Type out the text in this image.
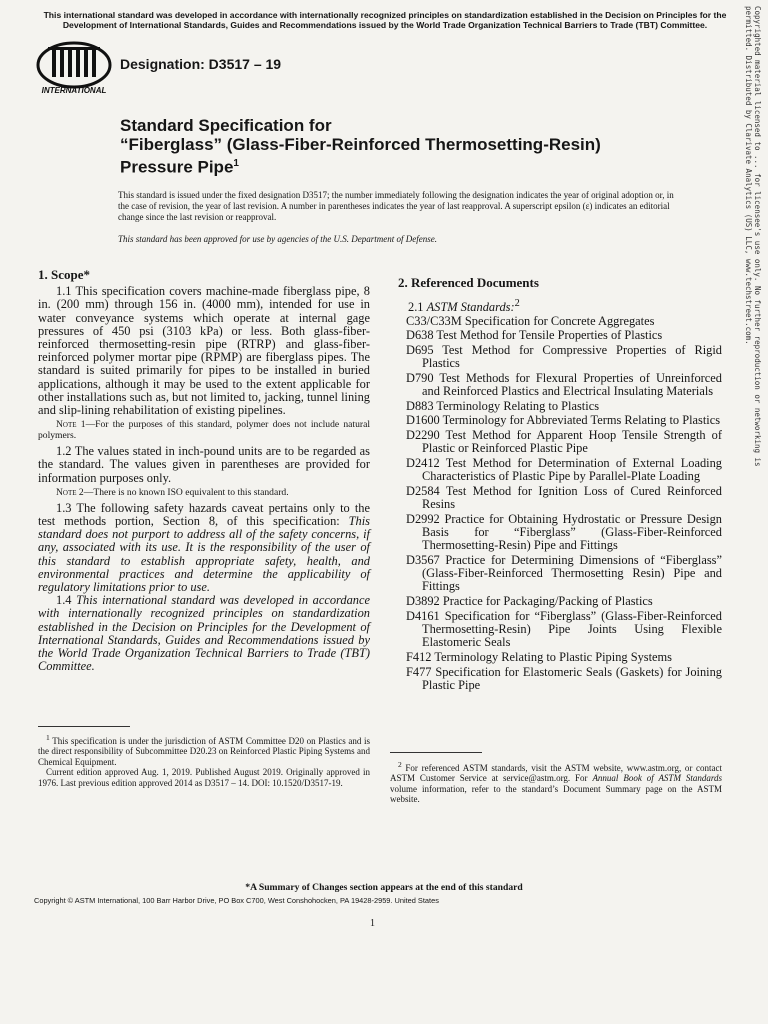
This international standard was developed in accordance with internationally recognized principles on standardization established in the Decision on Principles for the Development of International Standards, Guides and Recommendations issued by the World Trade Organization Technical Barriers to Trade (TBT) Committee.
INTERNATIONAL
Designation: D3517 – 19
Standard Specification for
“Fiberglass” (Glass-Fiber-Reinforced Thermosetting-Resin)
Pressure Pipe$^1$
This standard is issued under the fixed designation D3517; the number immediately following the designation indicates the year of original adoption or, in the case of revision, the year of last revision. A number in parentheses indicates the year of last reapproval. A superscript epsilon (ε) indicates an editorial change since the last revision or reapproval.
This standard has been approved for use by agencies of the U.S. Department of Defense.
1. Scope*

1.1 This specification covers machine-made fiberglass pipe, 8 in. (200 mm) through 156 in. (4000 mm), intended for use in water conveyance systems which operate at internal gage pressures of 450 psi (3103 kPa) or less. Both glass-fiber-reinforced thermosetting-resin pipe (RTRP) and glass-fiber-reinforced polymer mortar pipe (RPMP) are fiberglass pipes. The standard is suited primarily for pipes to be installed in buried applications, although it may be used to the extent applicable for other installations such as, but not limited to, jacking, tunnel lining and slip-lining rehabilitation of existing pipelines.

Note 1—For the purposes of this standard, polymer does not include natural polymers.

1.2 The values stated in inch-pound units are to be regarded as the standard. The values given in parentheses are provided for information purposes only.

Note 2—There is no known ISO equivalent to this standard.

1.3 The following safety hazards caveat pertains only to the test methods portion, Section 8, of this specification: This standard does not purport to address all of the safety concerns, if any, associated with its use. It is the responsibility of the user of this standard to establish appropriate safety, health, and environmental practices and determine the applicability of regulatory limitations prior to use.

1.4 This international standard was developed in accordance with internationally recognized principles on standardization established in the Decision on Principles for the Development of International Standards, Guides and Recommendations issued by the World Trade Organization Technical Barriers to Trade (TBT) Committee.

$^1$ This specification is under the jurisdiction of ASTM Committee D20 on Plastics and is the direct responsibility of Subcommittee D20.23 on Reinforced Plastic Piping Systems and Chemical Equipment.

Current edition approved Aug. 1, 2019. Published August 2019. Originally approved in 1976. Last previous edition approved 2014 as D3517 – 14. DOI: 10.1520/D3517-19.

2. Referenced Documents

2.1 ASTM Standards:$^2$

C33/C33M Specification for Concrete Aggregates

D638 Test Method for Tensile Properties of Plastics

D695 Test Method for Compressive Properties of Rigid Plastics

D790 Test Methods for Flexural Properties of Unreinforced and Reinforced Plastics and Electrical Insulating Materials

D883 Terminology Relating to Plastics

D1600 Terminology for Abbreviated Terms Relating to Plastics

D2290 Test Method for Apparent Hoop Tensile Strength of Plastic or Reinforced Plastic Pipe

D2412 Test Method for Determination of External Loading Characteristics of Plastic Pipe by Parallel-Plate Loading

D2584 Test Method for Ignition Loss of Cured Reinforced Resins

D2992 Practice for Obtaining Hydrostatic or Pressure Design Basis for “Fiberglass” (Glass-Fiber-Reinforced Thermosetting-Resin) Pipe and Fittings

D3567 Practice for Determining Dimensions of “Fiberglass” (Glass-Fiber-Reinforced Thermosetting Resin) Pipe and Fittings

D3892 Practice for Packaging/Packing of Plastics

D4161 Specification for “Fiberglass” (Glass-Fiber-Reinforced Thermosetting-Resin) Pipe Joints Using Flexible Elastomeric Seals

F412 Terminology Relating to Plastic Piping Systems

F477 Specification for Elastomeric Seals (Gaskets) for Joining Plastic Pipe

$^2$ For referenced ASTM standards, visit the ASTM website, www.astm.org, or contact ASTM Customer Service at service@astm.org. For Annual Book of ASTM Standards volume information, refer to the standard’s Document Summary page on the ASTM website.

Copyrighted material licensed to ... for licensee's use only. No further reproduction or networking is permitted. Distributed by Clarivate Analytics (US) LLC, www.techstreet.com.
*A Summary of Changes section appears at the end of this standard
Copyright © ASTM International, 100 Barr Harbor Drive, PO Box C700, West Conshohocken, PA 19428-2959. United States
1
